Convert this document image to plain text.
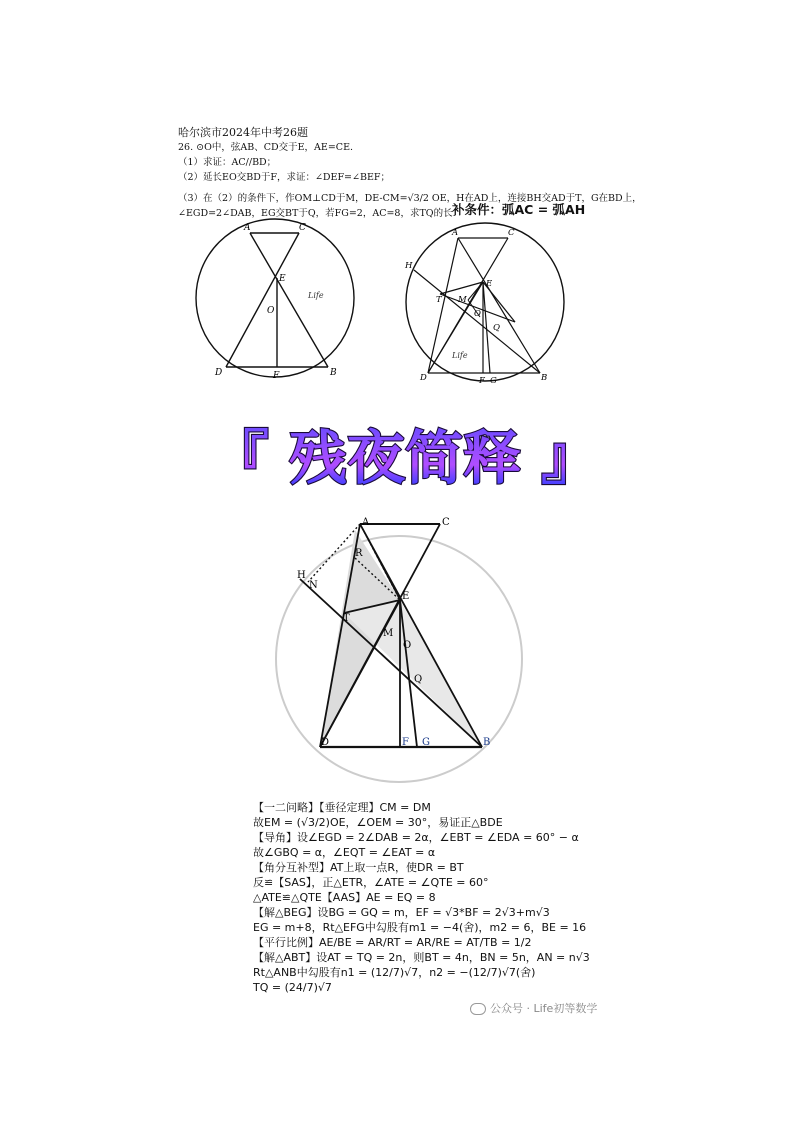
哈尔滨市2024年中考26题
26. ⊙O中，弦AB、CD交于E，AE=CE.
（1）求证：AC//BD；
（2）延长EO交BD于F，求证：∠DEF=∠BEF；
（3）在（2）的条件下，作OM⊥CD于M，DE-CM=√3/2 OE，H在AD上，连接BH交AD于T，G在BD上，
∠EGD=2∠DAB，EG交BT于Q，若FG=2，AC=8，求TQ的长.
补条件：弧AC = 弧AH
A	C
E
O
D	F	B
Life
A	C
H
E
T M
O
Q
D	F G	B
Life
『 残夜简释 』
A	C
R
H
N
E
T
M
O
Q
D	F G	B
【一二问略】【垂径定理】CM = DM
故EM = (√3/2)OE，∠OEM = 30°，易证正△BDE
【导角】设∠EGD = 2∠DAB = 2α，∠EBT = ∠EDA = 60° − α
故∠GBQ = α，∠EQT = ∠EAT = α
【角分互补型】AT上取一点R，使DR = BT
反≌【SAS】，正△ETR，∠ATE = ∠QTE = 60°
△ATE≌△QTE【AAS】AE = EQ = 8
【解△BEG】设BG = GQ = m，EF = √3*BF = 2√3+m√3
EG = m+8，Rt△EFG中勾股有m1 = −4(舍)，m2 = 6，BE = 16
【平行比例】AE/BE = AR/RT = AR/RE = AT/TB = 1/2
【解△ABT】设AT = TQ = 2n，则BT = 4n，BN = 5n，AN = n√3
Rt△ANB中勾股有n1 = (12/7)√7，n2 = −(12/7)√7(舍)
TQ = (24/7)√7
公众号 · Life初等数学
